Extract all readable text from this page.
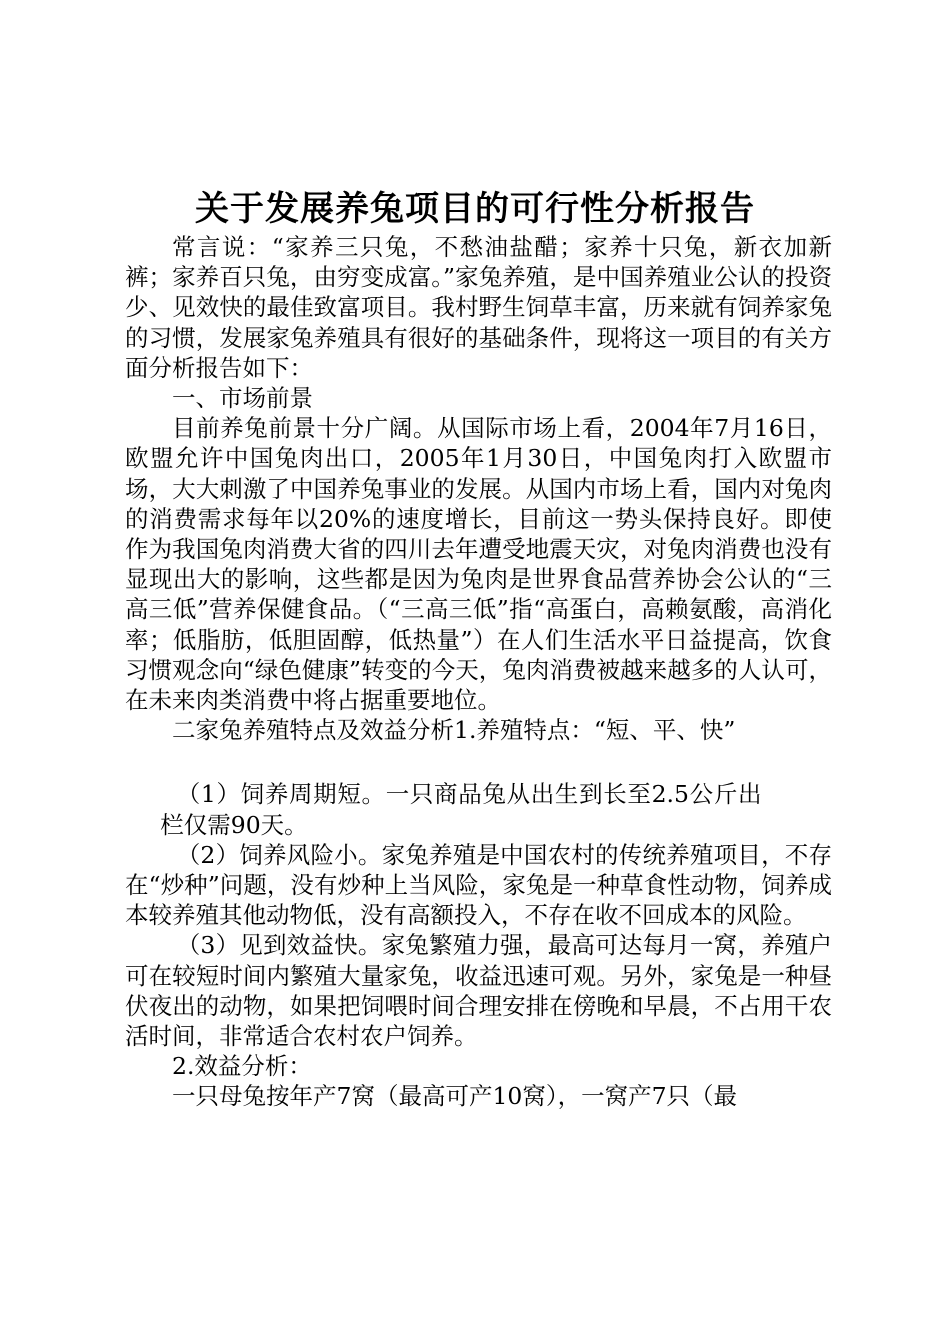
关于发展养兔项目的可行性分析报告

常言说：“家养三只兔，不愁油盐醋；家养十只兔，新衣加新裤；家养百只兔，由穷变成富。”家兔养殖，是中国养殖业公认的投资少、见效快的最佳致富项目。我村野生饲草丰富，历来就有饲养家兔的习惯，发展家兔养殖具有很好的基础条件，现将这一项目的有关方面分析报告如下：

一、市场前景

目前养兔前景十分广阔。从国际市场上看，2004年7月16日，欧盟允许中国兔肉出口，2005年1月30日，中国兔肉打入欧盟市场，大大刺激了中国养兔事业的发展。从国内市场上看，国内对兔肉的消费需求每年以20%的速度增长，目前这一势头保持良好。即使作为我国兔肉消费大省的四川去年遭受地震天灾，对兔肉消费也没有显现出大的影响，这些都是因为兔肉是世界食品营养协会公认的“三高三低”营养保健食品。（“三高三低”指“高蛋白，高赖氨酸，高消化率；低脂肪，低胆固醇，低热量”）在人们生活水平日益提高，饮食习惯观念向“绿色健康”转变的今天，兔肉消费被越来越多的人认可，在未来肉类消费中将占据重要地位。

二家兔养殖特点及效益分析1.养殖特点：“短、平、快”

（1）饲养周期短。一只商品兔从出生到长至2.5公斤出栏仅需90天。

（2）饲养风险小。家兔养殖是中国农村的传统养殖项目，不存在“炒种”问题，没有炒种上当风险，家兔是一种草食性动物，饲养成本较养殖其他动物低，没有高额投入，不存在收不回成本的风险。

（3）见到效益快。家兔繁殖力强，最高可达每月一窝，养殖户可在较短时间内繁殖大量家兔，收益迅速可观。另外，家兔是一种昼伏夜出的动物，如果把饲喂时间合理安排在傍晚和早晨，不占用干农活时间，非常适合农村农户饲养。

2.效益分析：

一只母兔按年产7窝（最高可产10窝），一窝产7只（最
